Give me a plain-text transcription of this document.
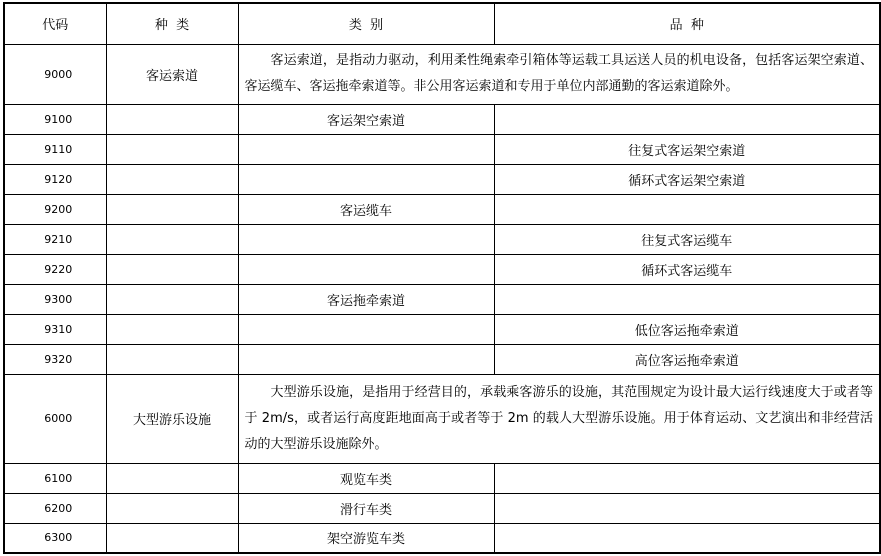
代码	种  类	类  别	品  种
9000	客运索道	客运索道，是指动力驱动，利用柔性绳索牵引箱体等运载工具运送人员的机电设备，包括客运架空索道、客运缆车、客运拖牵索道等。非公用客运索道和专用于单位内部通勤的客运索道除外。	
9100		客运架空索道	
9110			往复式客运架空索道
9120			循环式客运架空索道
9200		客运缆车	
9210			往复式客运缆车
9220			循环式客运缆车
9300		客运拖牵索道	
9310			低位客运拖牵索道
9320			高位客运拖牵索道
6000	大型游乐设施	大型游乐设施，是指用于经营目的，承载乘客游乐的设施，其范围规定为设计最大运行线速度大于或者等于 2m/s，或者运行高度距地面高于或者等于 2m 的载人大型游乐设施。用于体育运动、文艺演出和非经营活动的大型游乐设施除外。	
6100		观览车类	
6200		滑行车类	
6300		架空游览车类	
